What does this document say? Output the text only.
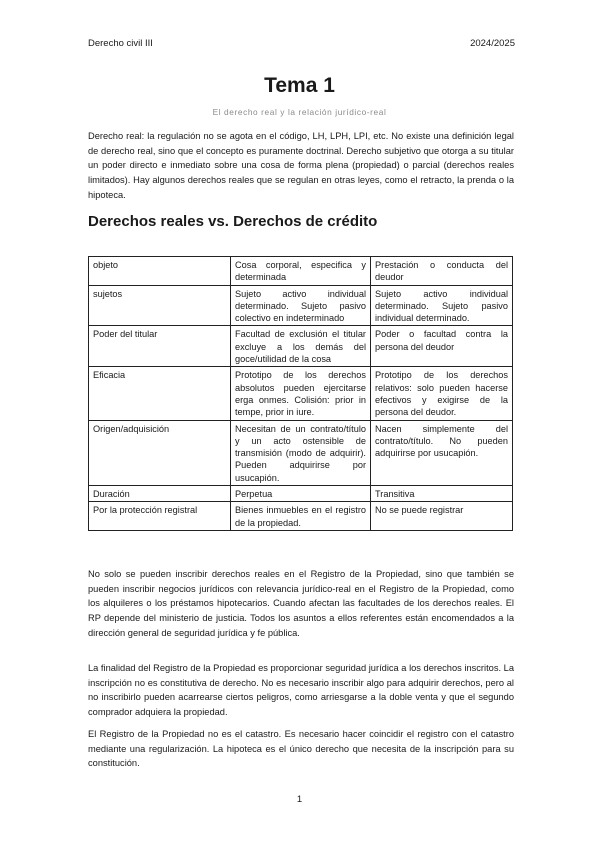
Derecho civil III	2024/2025
Tema 1
El derecho real y la relación jurídico-real

Derecho real: la regulación no se agota en el código, LH, LPH, LPI, etc. No existe una definición legal de derecho real, sino que el concepto es puramente doctrinal. Derecho subjetivo que otorga a su titular un poder directo e inmediato sobre una cosa de forma plena (propiedad) o parcial (derechos reales limitados). Hay algunos derechos reales que se regulan en otras leyes, como el retracto, la prenda o la hipoteca.

Derechos reales vs. Derechos de crédito
objeto	Cosa corporal, especifica y determinada	Prestación o conducta del deudor
sujetos	Sujeto activo individual determinado. Sujeto pasivo colectivo en indeterminado	Sujeto activo individual determinado. Sujeto pasivo individual determinado.
Poder del titular	Facultad de exclusión el titular excluye a los demás del goce/utilidad de la cosa	Poder o facultad contra la persona del deudor
Eficacia	Prototipo de los derechos absolutos pueden ejercitarse erga onmes. Colisión: prior in tempe, prior in iure.	Prototipo de los derechos relativos: solo pueden hacerse efectivos y exigirse de la persona del deudor.
Origen/adquisición	Necesitan de un contrato/título y un acto ostensible de transmisión (modo de adquirir). Pueden adquirirse por usucapión.	Nacen simplemente del contrato/título. No pueden adquirirse por usucapión.
Duración	Perpetua	Transitiva
Por la protección registral	Bienes inmuebles en el registro de la propiedad.	No se puede registrar

No solo se pueden inscribir derechos reales en el Registro de la Propiedad, sino que también se pueden inscribir negocios jurídicos con relevancia jurídico-real en el Registro de la Propiedad, como los alquileres o los préstamos hipotecarios. Cuando afectan las facultades de los derechos reales. El RP depende del ministerio de justicia. Todos los asuntos a ellos referentes están encomendados a la dirección general de seguridad jurídica y fe pública.

La finalidad del Registro de la Propiedad es proporcionar seguridad jurídica a los derechos inscritos. La inscripción no es constitutiva de derecho. No es necesario inscribir algo para adquirir derechos, pero al no inscribirlo pueden acarrearse ciertos peligros, como arriesgarse a la doble venta y que el segundo comprador adquiera la propiedad.

El Registro de la Propiedad no es el catastro. Es necesario hacer coincidir el registro con el catastro mediante una regularización. La hipoteca es el único derecho que necesita de la inscripción para su constitución.

1
